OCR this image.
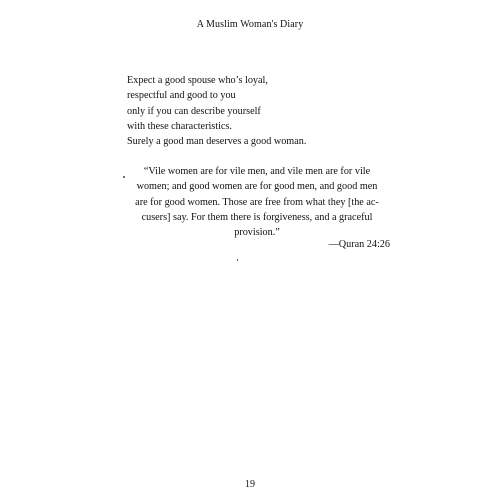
A Muslim Woman's Diary
Expect a good spouse who’s loyal,
respectful and good to you
only if you can describe yourself
with these characteristics.
Surely a good man deserves a good woman.
“Vile women are for vile men, and vile men are for vile
women; and good women are for good men, and good men
are for good women. Those are free from what they [the ac-
cusers] say. For them there is forgiveness, and a graceful
provision.”
—Quran 24:26
19
